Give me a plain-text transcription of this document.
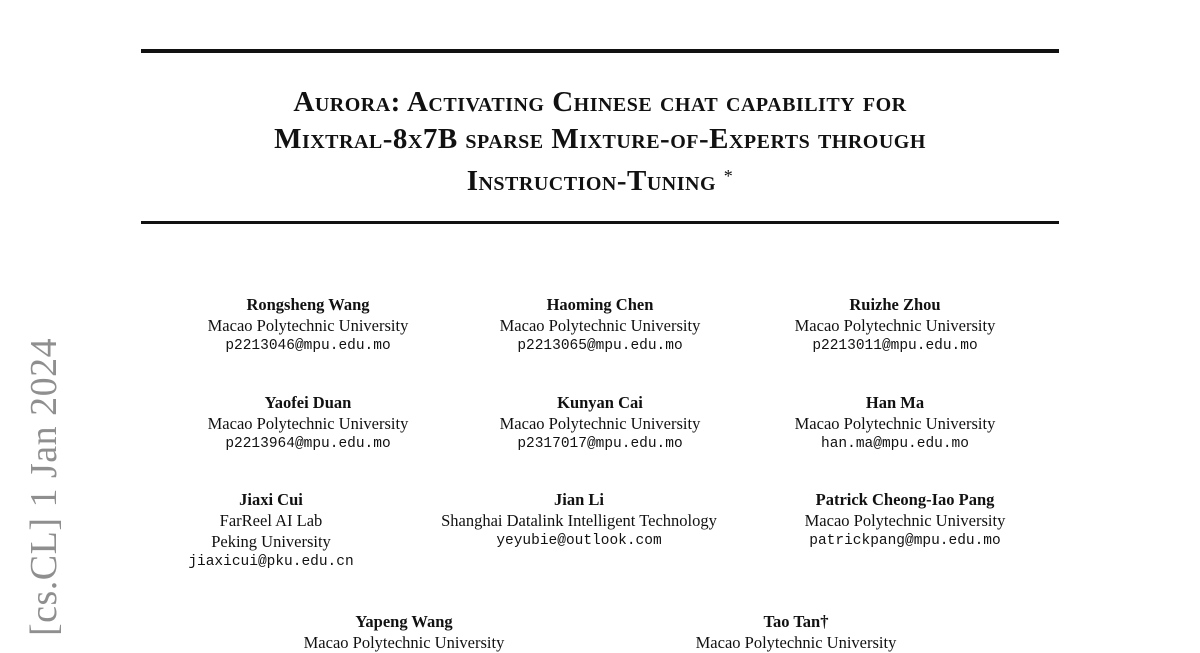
Aurora: Activating Chinese chat capability for
Mixtral-8x7B sparse Mixture-of-Experts through
Instruction-Tuning *
[cs.CL] 1 Jan 2024
Rongsheng Wang
Macao Polytechnic University
p2213046@mpu.edu.mo
Haoming Chen
Macao Polytechnic University
p2213065@mpu.edu.mo
Ruizhe Zhou
Macao Polytechnic University
p2213011@mpu.edu.mo
Yaofei Duan
Macao Polytechnic University
p2213964@mpu.edu.mo
Kunyan Cai
Macao Polytechnic University
p2317017@mpu.edu.mo
Han Ma
Macao Polytechnic University
han.ma@mpu.edu.mo
Jiaxi Cui
FarReel AI Lab
Peking University
jiaxicui@pku.edu.cn
Jian Li
Shanghai Datalink Intelligent Technology
yeyubie@outlook.com
Patrick Cheong-Iao Pang
Macao Polytechnic University
patrickpang@mpu.edu.mo
Yapeng Wang
Macao Polytechnic University
Tao Tan†
Macao Polytechnic University
